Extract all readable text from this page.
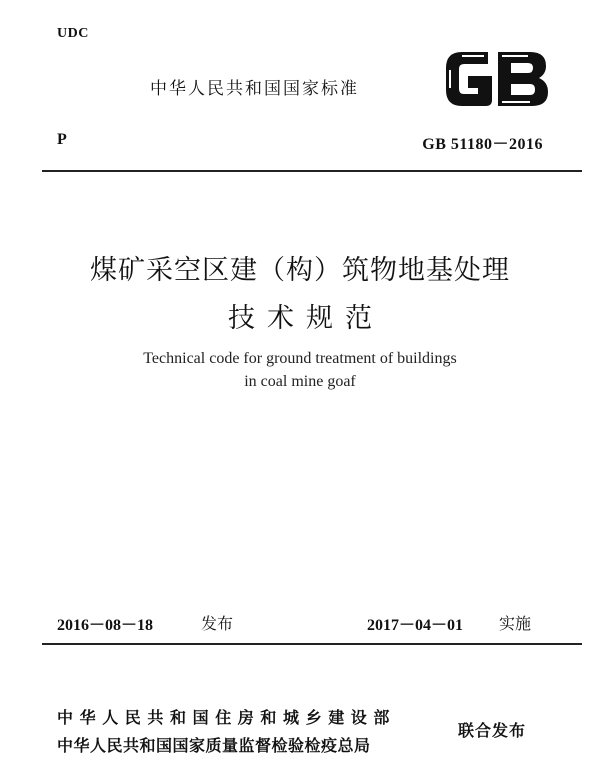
UDC
中华人民共和国国家标准
P	GB 51180－2016
煤矿采空区建（构）筑物地基处理
技术规范
Technical code for ground treatment of buildings
in coal mine goaf
2016－08－18	发布	2017－04－01 实施
中华人民共和国住房和城乡建设部
中华人民共和国国家质量监督检验检疫总局
联合发布
